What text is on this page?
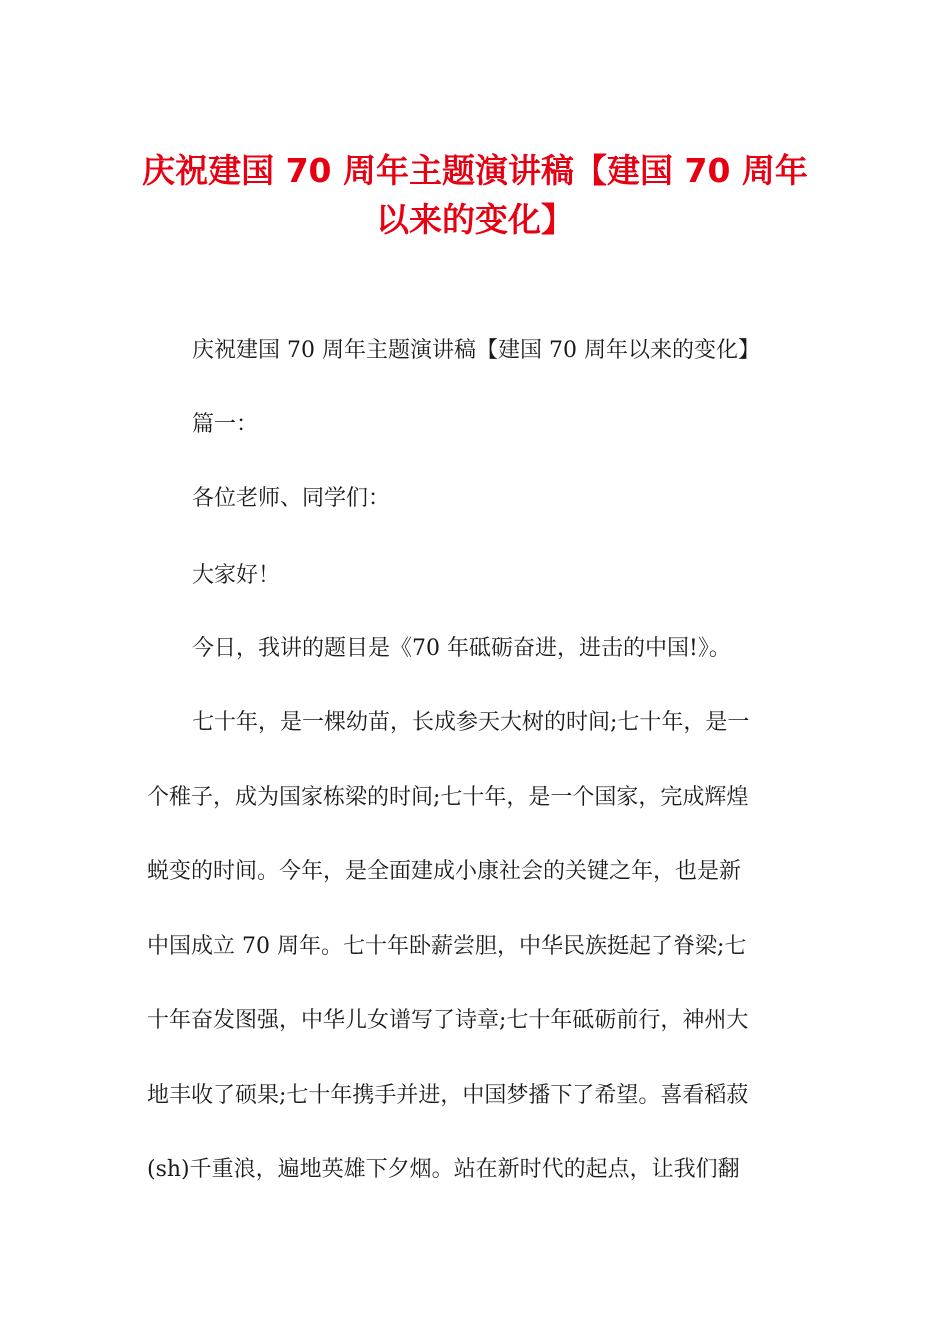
庆祝建国 70 周年主题演讲稿【建国 70 周年
以来的变化】
庆祝建国 70 周年主题演讲稿【建国 70 周年以来的变化】
篇一：
各位老师、同学们：
大家好！
今日，我讲的题目是《70 年砥砺奋进，进击的中国!》。
七十年，是一棵幼苗，长成参天大树的时间;七十年，是一
个稚子，成为国家栋梁的时间;七十年，是一个国家，完成辉煌
蜕变的时间。今年，是全面建成小康社会的关键之年，也是新
中国成立 70 周年。七十年卧薪尝胆，中华民族挺起了脊梁;七
十年奋发图强，中华儿女谱写了诗章;七十年砥砺前行，神州大
地丰收了硕果;七十年携手并进，中国梦播下了希望。喜看稻菽
(sh)千重浪，遍地英雄下夕烟。站在新时代的起点，让我们翻
